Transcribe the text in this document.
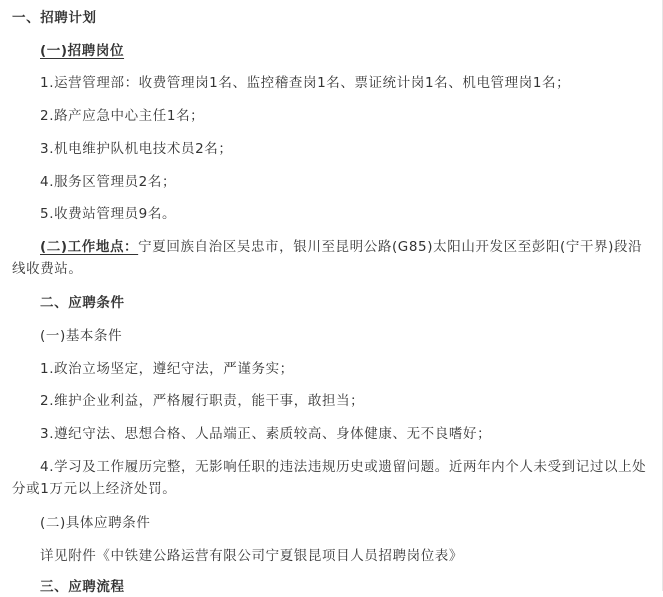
一、招聘计划
(一)招聘岗位
1.运营管理部：收费管理岗1名、监控稽查岗1名、票证统计岗1名、机电管理岗1名；
2.路产应急中心主任1名；
3.机电维护队机电技术员2名；
4.服务区管理员2名；
5.收费站管理员9名。
(二)工作地点：宁夏回族自治区吴忠市，银川至昆明公路(G85)太阳山开发区至彭阳(宁干界)段沿线收费站。
二、应聘条件
(一)基本条件
1.政治立场坚定，遵纪守法，严谨务实；
2.维护企业利益，严格履行职责，能干事，敢担当；
3.遵纪守法、思想合格、人品端正、素质较高、身体健康、无不良嗜好；
4.学习及工作履历完整，无影响任职的违法违规历史或遗留问题。近两年内个人未受到记过以上处分或1万元以上经济处罚。
(二)具体应聘条件
详见附件《中铁建公路运营有限公司宁夏银昆项目人员招聘岗位表》
三、应聘流程
